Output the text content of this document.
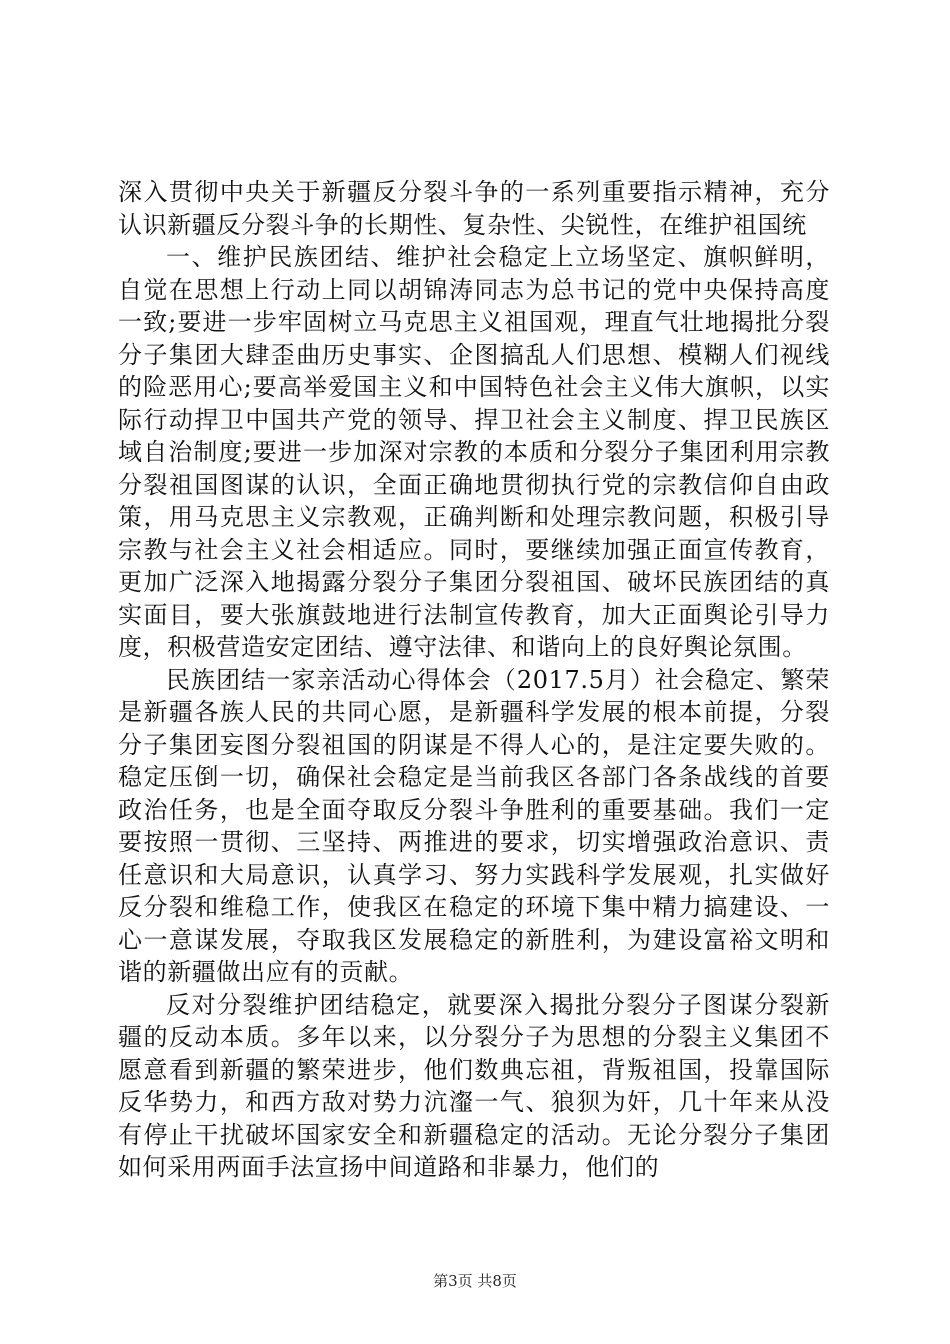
深入贯彻中央关于新疆反分裂斗争的一系列重要指示精神，充分认识新疆反分裂斗争的长期性、复杂性、尖锐性，在维护祖国统

一、维护民族团结、维护社会稳定上立场坚定、旗帜鲜明，自觉在思想上行动上同以胡锦涛同志为总书记的党中央保持高度一致;要进一步牢固树立马克思主义祖国观，理直气壮地揭批分裂分子集团大肆歪曲历史事实、企图搞乱人们思想、模糊人们视线的险恶用心;要高举爱国主义和中国特色社会主义伟大旗帜，以实际行动捍卫中国共产党的领导、捍卫社会主义制度、捍卫民族区域自治制度;要进一步加深对宗教的本质和分裂分子集团利用宗教分裂祖国图谋的认识，全面正确地贯彻执行党的宗教信仰自由政策，用马克思主义宗教观，正确判断和处理宗教问题，积极引导宗教与社会主义社会相适应。同时，要继续加强正面宣传教育，更加广泛深入地揭露分裂分子集团分裂祖国、破坏民族团结的真实面目，要大张旗鼓地进行法制宣传教育，加大正面舆论引导力度，积极营造安定团结、遵守法律、和谐向上的良好舆论氛围。

民族团结一家亲活动心得体会（2017.5月）社会稳定、繁荣是新疆各族人民的共同心愿，是新疆科学发展的根本前提，分裂分子集团妄图分裂祖国的阴谋是不得人心的，是注定要失败的。稳定压倒一切，确保社会稳定是当前我区各部门各条战线的首要政治任务，也是全面夺取反分裂斗争胜利的重要基础。我们一定要按照一贯彻、三坚持、两推进的要求，切实增强政治意识、责任意识和大局意识，认真学习、努力实践科学发展观，扎实做好反分裂和维稳工作，使我区在稳定的环境下集中精力搞建设、一心一意谋发展，夺取我区发展稳定的新胜利，为建设富裕文明和谐的新疆做出应有的贡献。

反对分裂维护团结稳定，就要深入揭批分裂分子图谋分裂新疆的反动本质。多年以来，以分裂分子为思想的分裂主义集团不愿意看到新疆的繁荣进步，他们数典忘祖，背叛祖国，投靠国际反华势力，和西方敌对势力沆瀣一气、狼狈为奸，几十年来从没有停止干扰破坏国家安全和新疆稳定的活动。无论分裂分子集团如何采用两面手法宣扬中间道路和非暴力，他们的

第3页 共8页
